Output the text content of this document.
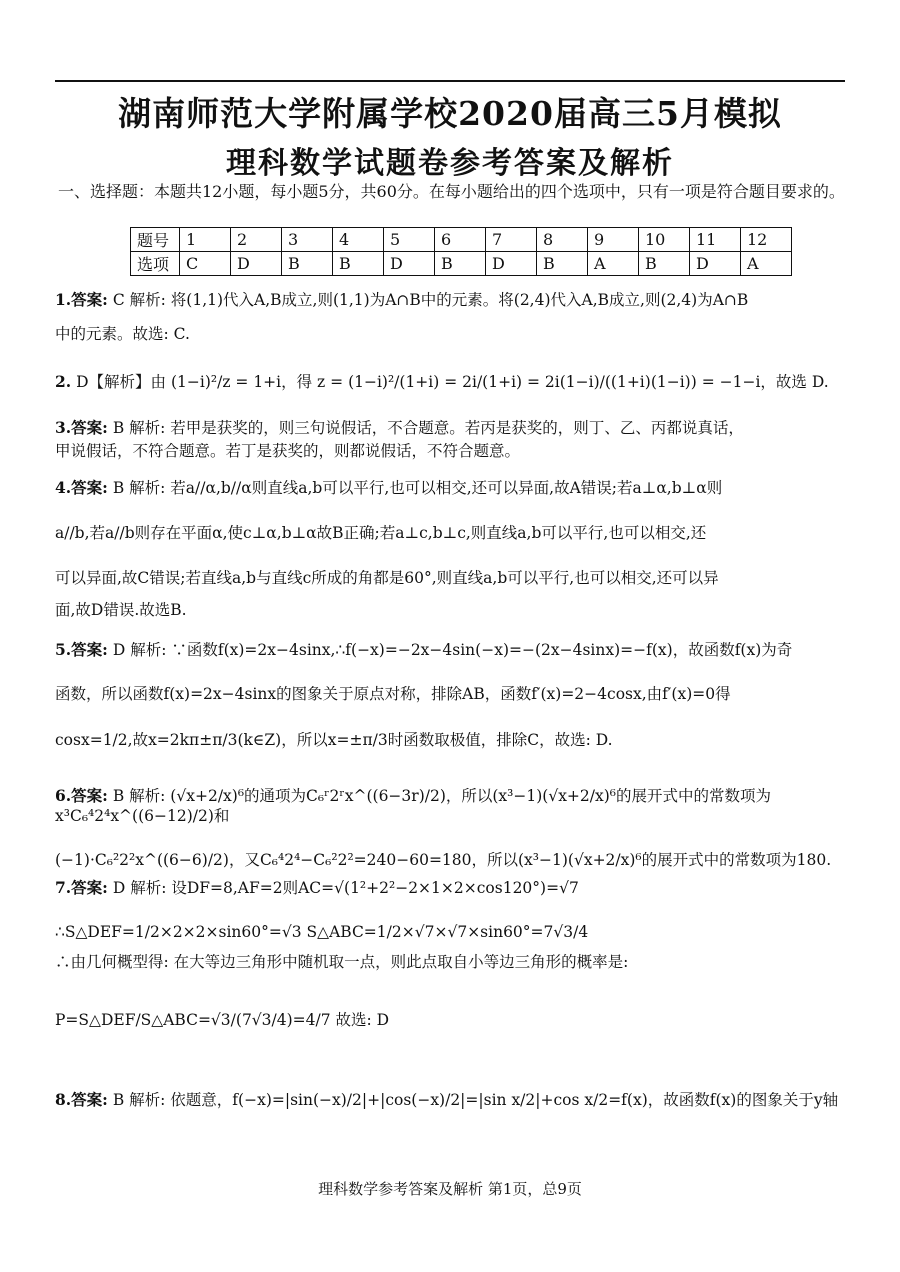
湖南师范大学附属学校2020届高三5月模拟
理科数学试题卷参考答案及解析
一、选择题：本题共12小题，每小题5分，共60分。在每小题给出的四个选项中，只有一项是符合题目要求的。
题号	1	2	3	4	5	6	7	8	9	10	11	12
选项	C	D	B	B	D	B	D	B	A	B	D	A
1.答案: C 解析: 将(1,1)代入A,B成立,则(1,1)为A∩B中的元素。将(2,4)代入A,B成立,则(2,4)为A∩B
中的元素。故选: C.
2. D【解析】由 (1−i)²/z = 1+i，得 z = (1−i)²/(1+i) = 2i/(1+i) = 2i(1−i)/((1+i)(1−i)) = −1−i，故选 D.
3.答案: B 解析: 若甲是获奖的，则三句说假话，不合题意。若丙是获奖的，则丁、乙、丙都说真话，
甲说假话，不符合题意。若丁是获奖的，则都说假话，不符合题意。
4.答案: B 解析: 若a//α,b//α则直线a,b可以平行,也可以相交,还可以异面,故A错误;若a⊥α,b⊥α则
a//b,若a//b则存在平面α,使c⊥α,b⊥α故B正确;若a⊥c,b⊥c,则直线a,b可以平行,也可以相交,还
可以异面,故C错误;若直线a,b与直线c所成的角都是60°,则直线a,b可以平行,也可以相交,还可以异
面,故D错误.故选B.
5.答案: D 解析: ∵函数f(x)=2x−4sinx,∴f(−x)=−2x−4sin(−x)=−(2x−4sinx)=−f(x)，故函数f(x)为奇
函数，所以函数f(x)=2x−4sinx的图象关于原点对称，排除AB，函数f′(x)=2−4cosx,由f′(x)=0得
cosx=1/2,故x=2kπ±π/3(k∈Z)，所以x=±π/3时函数取极值，排除C，故选: D.
6.答案: B 解析: (√x+2/x)⁶的通项为C₆ʳ2ʳx^((6−3r)/2)，所以(x³−1)(√x+2/x)⁶的展开式中的常数项为x³C₆⁴2⁴x^((6−12)/2)和
(−1)·C₆²2²x^((6−6)/2)，又C₆⁴2⁴−C₆²2²=240−60=180，所以(x³−1)(√x+2/x)⁶的展开式中的常数项为180.
7.答案: D 解析: 设DF=8,AF=2则AC=√(1²+2²−2×1×2×cos120°)=√7
∴S△DEF=1/2×2×2×sin60°=√3 S△ABC=1/2×√7×√7×sin60°=7√3/4
∴由几何概型得: 在大等边三角形中随机取一点，则此点取自小等边三角形的概率是:
P=S△DEF/S△ABC=√3/(7√3/4)=4/7 故选: D
8.答案: B 解析: 依题意，f(−x)=|sin(−x)/2|+|cos(−x)/2|=|sin x/2|+cos x/2=f(x)，故函数f(x)的图象关于y轴
理科数学参考答案及解析 第1页，总9页
